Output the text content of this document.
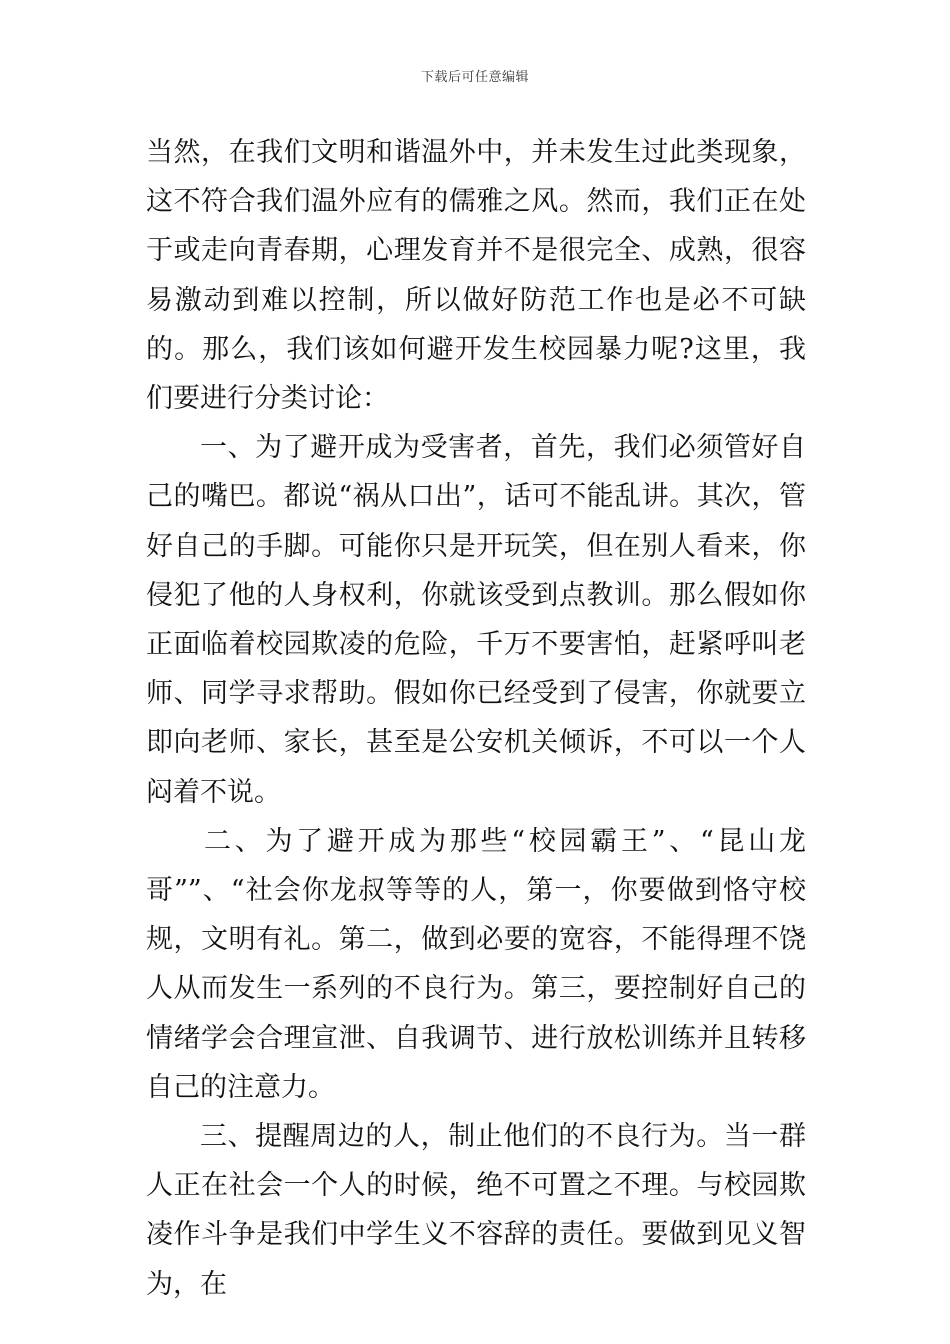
下载后可任意编辑

当然，在我们文明和谐温外中，并未发生过此类现象，这不符合我们温外应有的儒雅之风。然而，我们正在处于或走向青春期，心理发育并不是很完全、成熟，很容易激动到难以控制，所以做好防范工作也是必不可缺的。那么，我们该如何避开发生校园暴力呢?这里，我们要进行分类讨论：

一、为了避开成为受害者，首先，我们必须管好自己的嘴巴。都说“祸从口出”，话可不能乱讲。其次，管好自己的手脚。可能你只是开玩笑，但在别人看来，你侵犯了他的人身权利，你就该受到点教训。那么假如你正面临着校园欺凌的危险，千万不要害怕，赶紧呼叫老师、同学寻求帮助。假如你已经受到了侵害，你就要立即向老师、家长，甚至是公安机关倾诉，不可以一个人闷着不说。

二、为了避开成为那些“校园霸王”、“昆山龙哥””、“社会你龙叔等等的人，第一，你要做到恪守校规，文明有礼。第二，做到必要的宽容，不能得理不饶人从而发生一系列的不良行为。第三，要控制好自己的情绪学会合理宣泄、自我调节、进行放松训练并且转移自己的注意力。

三、提醒周边的人，制止他们的不良行为。当一群人正在社会一个人的时候，绝不可置之不理。与校园欺凌作斗争是我们中学生义不容辞的责任。要做到见义智为，在
